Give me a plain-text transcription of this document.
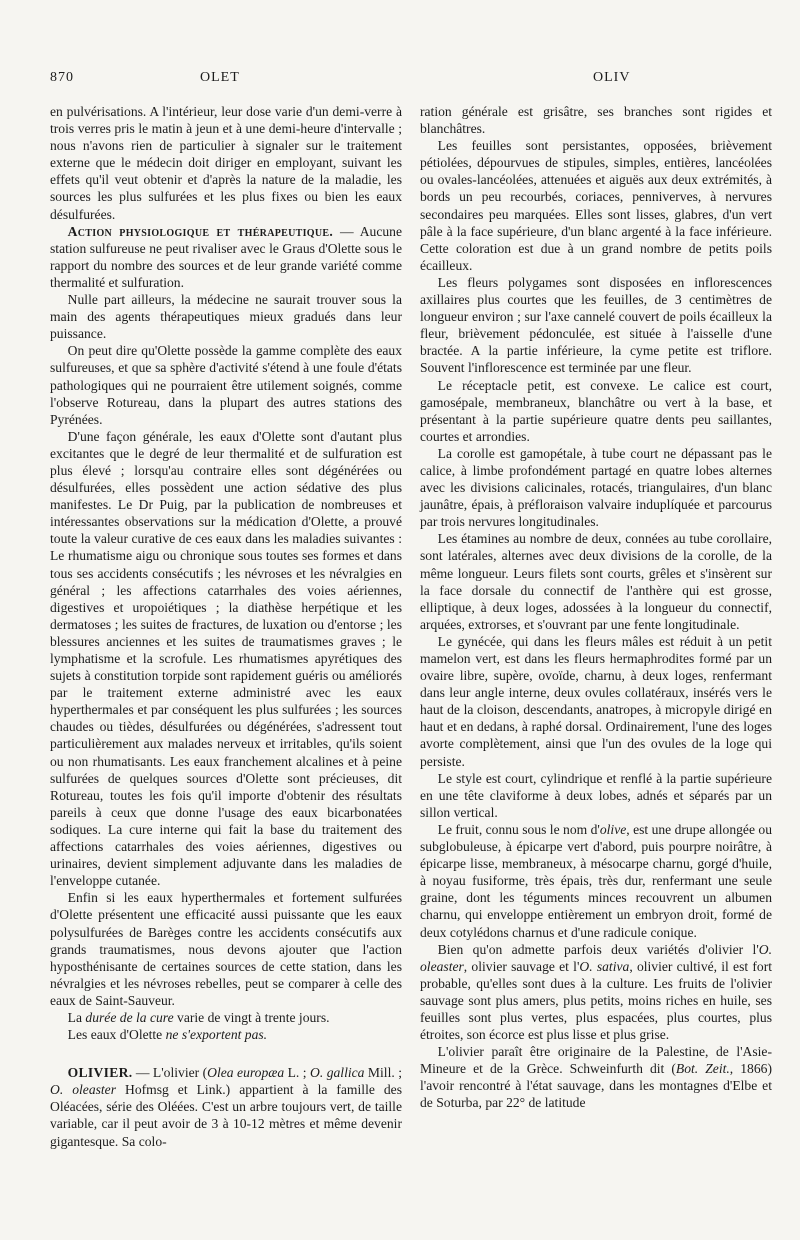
870	OLET	OLIV

en pulvérisations. A l'intérieur, leur dose varie d'un demi-verre à trois verres pris le matin à jeun et à une demi-heure d'intervalle ; nous n'avons rien de particulier à signaler sur le traitement externe que le médecin doit diriger en employant, suivant les effets qu'il veut obtenir et d'après la nature de la maladie, les sources les plus sulfurées et les plus fixes ou bien les eaux désulfurées.

Action physiologique et thérapeutique. — Aucune station sulfureuse ne peut rivaliser avec le Graus d'Olette sous le rapport du nombre des sources et de leur grande variété comme thermalité et sulfuration.

Nulle part ailleurs, la médecine ne saurait trouver sous la main des agents thérapeutiques mieux gradués dans leur puissance.

On peut dire qu'Olette possède la gamme complète des eaux sulfureuses, et que sa sphère d'activité s'étend à une foule d'états pathologiques qui ne pourraient être utilement soignés, comme l'observe Rotureau, dans la plupart des autres stations des Pyrénées.

D'une façon générale, les eaux d'Olette sont d'autant plus excitantes que le degré de leur thermalité et de sulfuration est plus élevé ; lorsqu'au contraire elles sont dégénérées ou désulfurées, elles possèdent une action sédative des plus manifestes. Le Dr Puig, par la publication de nombreuses et intéressantes observations sur la médication d'Olette, a prouvé toute la valeur curative de ces eaux dans les maladies suivantes : Le rhumatisme aigu ou chronique sous toutes ses formes et dans tous ses accidents consécutifs ; les névroses et les névralgies en général ; les affections catarrhales des voies aériennes, digestives et uropoiétiques ; la diathèse herpétique et les dermatoses ; les suites de fractures, de luxation ou d'entorse ; les blessures anciennes et les suites de traumatismes graves ; le lymphatisme et la scrofule. Les rhumatismes apyrétiques des sujets à constitution torpide sont rapidement guéris ou améliorés par le traitement externe administré avec les eaux hyperthermales et par conséquent les plus sulfurées ; les sources chaudes ou tièdes, désulfurées ou dégénérées, s'adressent tout particulièrement aux malades nerveux et irritables, qu'ils soient ou non rhumatisants. Les eaux franchement alcalines et à peine sulfurées de quelques sources d'Olette sont précieuses, dit Rotureau, toutes les fois qu'il importe d'obtenir des résultats pareils à ceux que donne l'usage des eaux bicarbonatées sodiques. La cure interne qui fait la base du traitement des affections catarrhales des voies aériennes, digestives ou urinaires, devient simplement adjuvante dans les maladies de l'enveloppe cutanée.

Enfin si les eaux hyperthermales et fortement sulfurées d'Olette présentent une efficacité aussi puissante que les eaux polysulfurées de Barèges contre les accidents consécutifs aux grands traumatismes, nous devons ajouter que l'action hyposthénisante de certaines sources de cette station, dans les névralgies et les névroses rebelles, peut se comparer à celle des eaux de Saint-Sauveur.

La durée de la cure varie de vingt à trente jours.

Les eaux d'Olette ne s'exportent pas.

OLIVIER. — L'olivier (Olea europæa L. ; O. gallica Mill. ; O. oleaster Hofmsg et Link.) appartient à la famille des Oléacées, série des Oléées. C'est un arbre toujours vert, de taille variable, car il peut avoir de 3 à 10-12 mètres et même devenir gigantesque. Sa colo-

ration générale est grisâtre, ses branches sont rigides et blanchâtres.

Les feuilles sont persistantes, opposées, brièvement pétiolées, dépourvues de stipules, simples, entières, lancéolées ou ovales-lancéolées, attenuées et aiguës aux deux extrémités, à bords un peu recourbés, coriaces, penniverves, à nervures secondaires peu marquées. Elles sont lisses, glabres, d'un vert pâle à la face supérieure, d'un blanc argenté à la face inférieure. Cette coloration est due à un grand nombre de petits poils écailleux.

Les fleurs polygames sont disposées en inflorescences axillaires plus courtes que les feuilles, de 3 centimètres de longueur environ ; sur l'axe cannelé couvert de poils écailleux la fleur, brièvement pédonculée, est située à l'aisselle d'une bractée. A la partie inférieure, la cyme petite est triflore. Souvent l'inflorescence est terminée par une fleur.

Le réceptacle petit, est convexe. Le calice est court, gamosépale, membraneux, blanchâtre ou vert à la base, et présentant à la partie supérieure quatre dents peu saillantes, courtes et arrondies.

La corolle est gamopétale, à tube court ne dépassant pas le calice, à limbe profondément partagé en quatre lobes alternes avec les divisions calicinales, rotacés, triangulaires, d'un blanc jaunâtre, épais, à préfloraison valvaire induplíquée et parcourus par trois nervures longitudinales.

Les étamines au nombre de deux, connées au tube corollaire, sont latérales, alternes avec deux divisions de la corolle, de la même longueur. Leurs filets sont courts, grêles et s'insèrent sur la face dorsale du connectif de l'anthère qui est grosse, elliptique, à deux loges, adossées à la longueur du connectif, arquées, extrorses, et s'ouvrant par une fente longitudinale.

Le gynécée, qui dans les fleurs mâles est réduit à un petit mamelon vert, est dans les fleurs hermaphrodites formé par un ovaire libre, supère, ovoïde, charnu, à deux loges, renfermant dans leur angle interne, deux ovules collatéraux, insérés vers le haut de la cloison, descendants, anatropes, à micropyle dirigé en haut et en dedans, à raphé dorsal. Ordinairement, l'une des loges avorte complètement, ainsi que l'un des ovules de la loge qui persiste.

Le style est court, cylindrique et renflé à la partie supérieure en une tête claviforme à deux lobes, adnés et séparés par un sillon vertical.

Le fruit, connu sous le nom d'olive, est une drupe allongée ou subglobuleuse, à épicarpe vert d'abord, puis pourpre noirâtre, à épicarpe lisse, membraneux, à mésocarpe charnu, gorgé d'huile, à noyau fusiforme, très épais, très dur, renfermant une seule graine, dont les téguments minces recouvrent un albumen charnu, qui enveloppe entièrement un embryon droit, formé de deux cotylédons charnus et d'une radicule conique.

Bien qu'on admette parfois deux variétés d'olivier l'O. oleaster, olivier sauvage et l'O. sativa, olivier cultivé, il est fort probable, qu'elles sont dues à la culture. Les fruits de l'olivier sauvage sont plus amers, plus petits, moins riches en huile, ses feuilles sont plus vertes, plus espacées, plus courtes, plus étroites, son écorce est plus lisse et plus grise.

L'olivier paraît être originaire de la Palestine, de l'Asie-Mineure et de la Grèce. Schweinfurth dit (Bot. Zeit., 1866) l'avoir rencontré à l'état sauvage, dans les montagnes d'Elbe et de Soturba, par 22° de latitude
